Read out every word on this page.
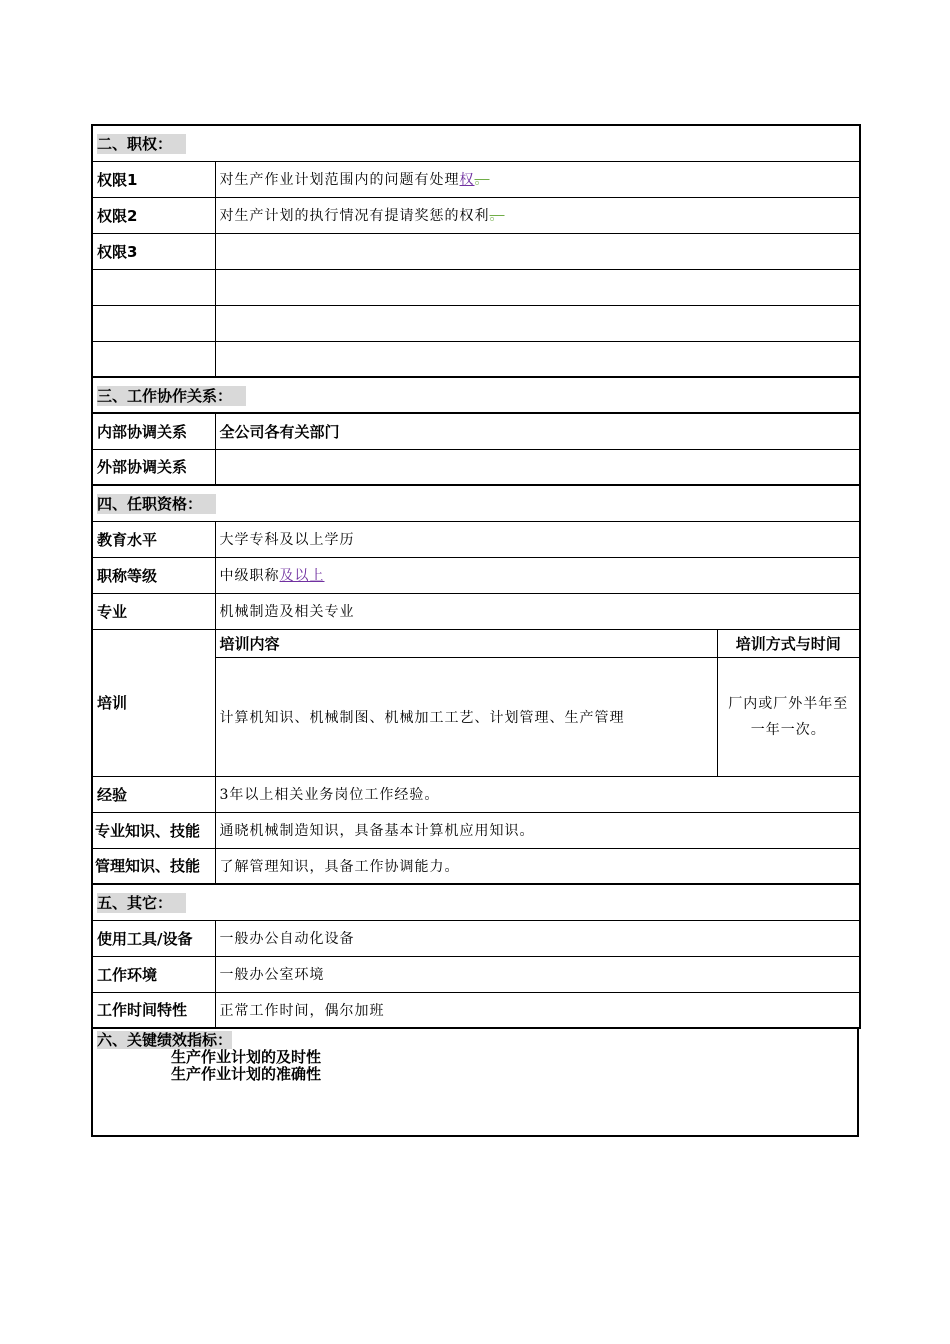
二、职权：		
权限1	对生产作业计划范围内的问题有处理权。	
权限2	对生产计划的执行情况有提请奖惩的权利。	
权限3		

三、工作协作关系：		
内部协调关系	全公司各有关部门	
外部协调关系		
四、任职资格：		
教育水平	大学专科及以上学历	
职称等级	中级职称及以上	
专业	机械制造及相关专业	
培训	培训内容	培训方式与时间
	计算机知识、机械制图、机械加工工艺、计划管理、生产管理	厂内或厂外半年至一年一次。
经验	3年以上相关业务岗位工作经验。	
专业知识、技能	通晓机械制造知识，具备基本计算机应用知识。	
管理知识、技能	了解管理知识，具备工作协调能力。	
五、其它：		
使用工具/设备	一般办公自动化设备	
工作环境	一般办公室环境	
工作时间特性	正常工作时间，偶尔加班	
六、关键绩效指标：
生产作业计划的及时性
生产作业计划的准确性
